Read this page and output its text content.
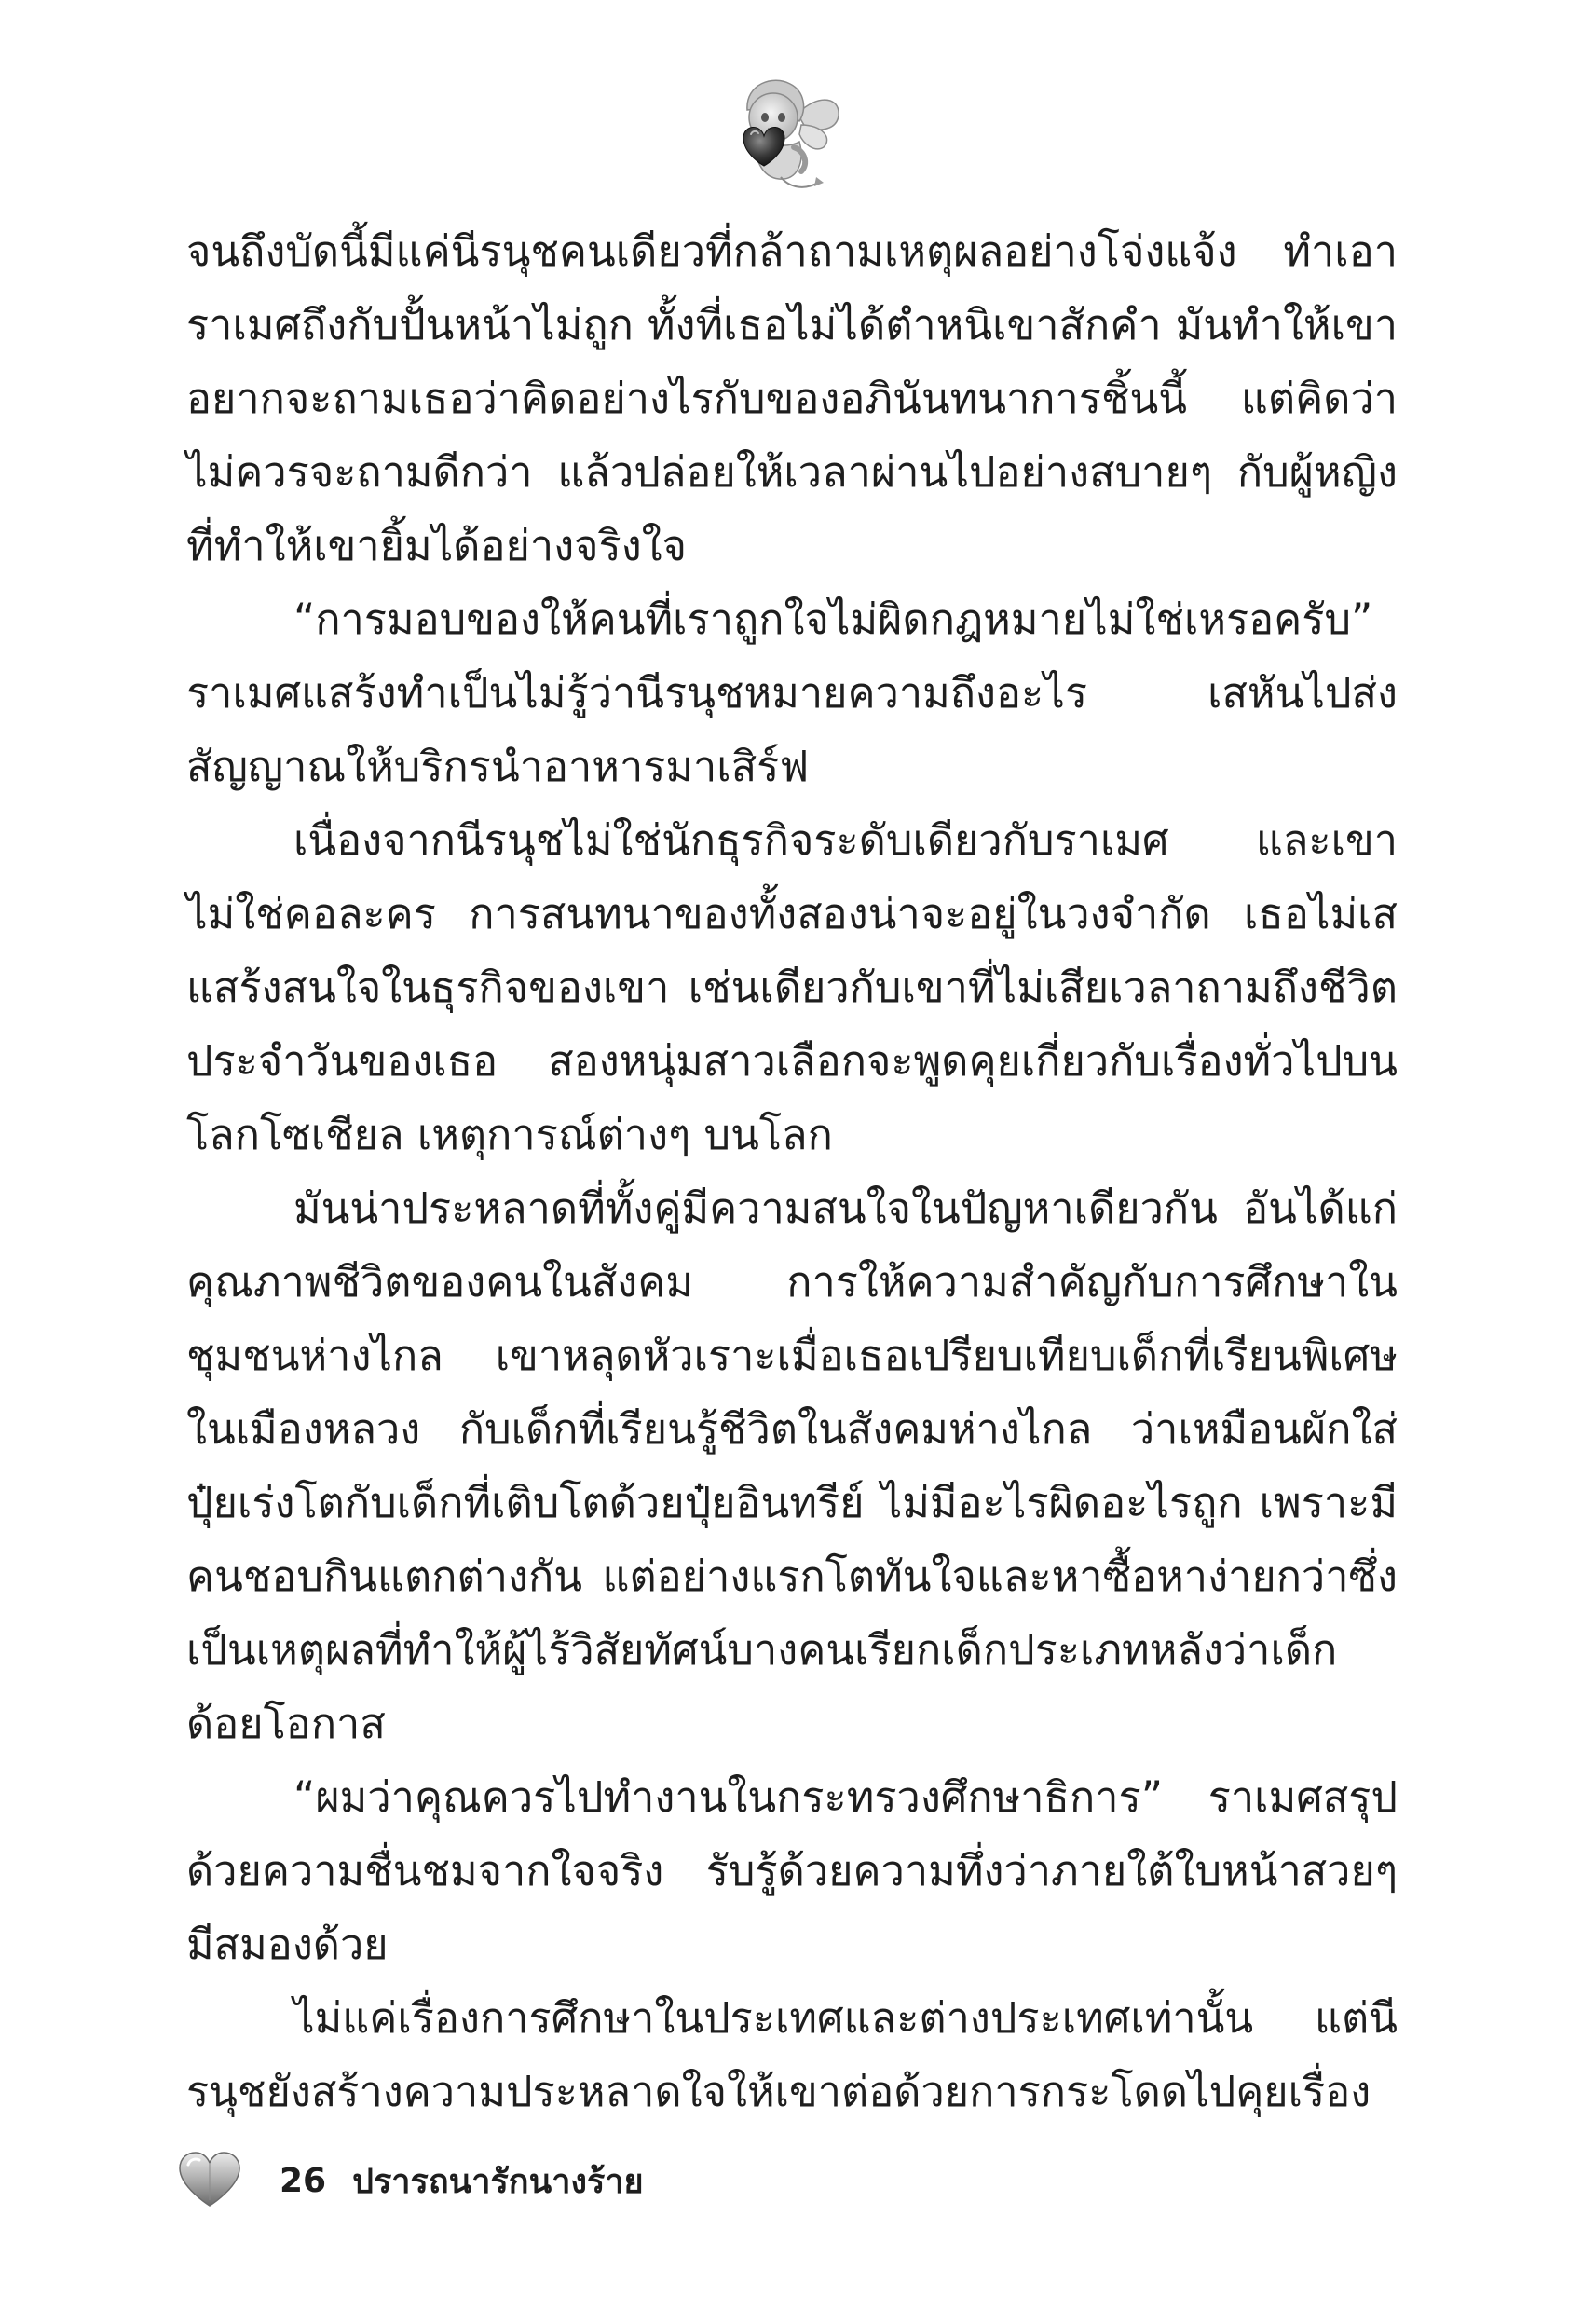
จนถึงบัดนี้มีแค่นีรนุชคนเดียวที่กล้าถามเหตุผลอย่างโจ่งแจ้ง ทำเอาราเมศถึงกับปั้นหน้าไม่ถูก ทั้งที่เธอไม่ได้ตำหนิเขาสักคำ มันทำให้เขาอยากจะถามเธอว่าคิดอย่างไรกับของอภินันทนาการชิ้นนี้ แต่คิดว่าไม่ควรจะถามดีกว่า แล้วปล่อยให้เวลาผ่านไปอย่างสบายๆ กับผู้หญิงที่ทำให้เขายิ้มได้อย่างจริงใจ

“การมอบของให้คนที่เราถูกใจไม่ผิดกฎหมายไม่ใช่เหรอครับ” ราเมศแสร้งทำเป็นไม่รู้ว่านีรนุชหมายความถึงอะไร เสหันไปส่งสัญญาณให้บริกรนำอาหารมาเสิร์ฟ

เนื่องจากนีรนุชไม่ใช่นักธุรกิจระดับเดียวกับราเมศ และเขาไม่ใช่คอละคร การสนทนาของทั้งสองน่าจะอยู่ในวงจำกัด เธอไม่เสแสร้งสนใจในธุรกิจของเขา เช่นเดียวกับเขาที่ไม่เสียเวลาถามถึงชีวิตประจำวันของเธอ สองหนุ่มสาวเลือกจะพูดคุยเกี่ยวกับเรื่องทั่วไปบนโลกโซเชียล เหตุการณ์ต่างๆ บนโลก

มันน่าประหลาดที่ทั้งคู่มีความสนใจในปัญหาเดียวกัน อันได้แก่คุณภาพชีวิตของคนในสังคม การให้ความสำคัญกับการศึกษาในชุมชนห่างไกล เขาหลุดหัวเราะเมื่อเธอเปรียบเทียบเด็กที่เรียนพิเศษในเมืองหลวง กับเด็กที่เรียนรู้ชีวิตในสังคมห่างไกล ว่าเหมือนผักใส่ปุ๋ยเร่งโตกับเด็กที่เติบโตด้วยปุ๋ยอินทรีย์ ไม่มีอะไรผิดอะไรถูก เพราะมีคนชอบกินแตกต่างกัน แต่อย่างแรกโตทันใจและหาซื้อหาง่ายกว่าซึ่งเป็นเหตุผลที่ทำให้ผู้ไร้วิสัยทัศน์บางคนเรียกเด็กประเภทหลังว่าเด็กด้อยโอกาส

“ผมว่าคุณควรไปทำงานในกระทรวงศึกษาธิการ” ราเมศสรุปด้วยความชื่นชมจากใจจริง รับรู้ด้วยความทึ่งว่าภายใต้ใบหน้าสวยๆ มีสมองด้วย

ไม่แค่เรื่องการศึกษาในประเทศและต่างประเทศเท่านั้น แต่นีรนุชยังสร้างความประหลาดใจให้เขาต่อด้วยการกระโดดไปคุยเรื่อง

26 ปรารถนารักนางร้าย
